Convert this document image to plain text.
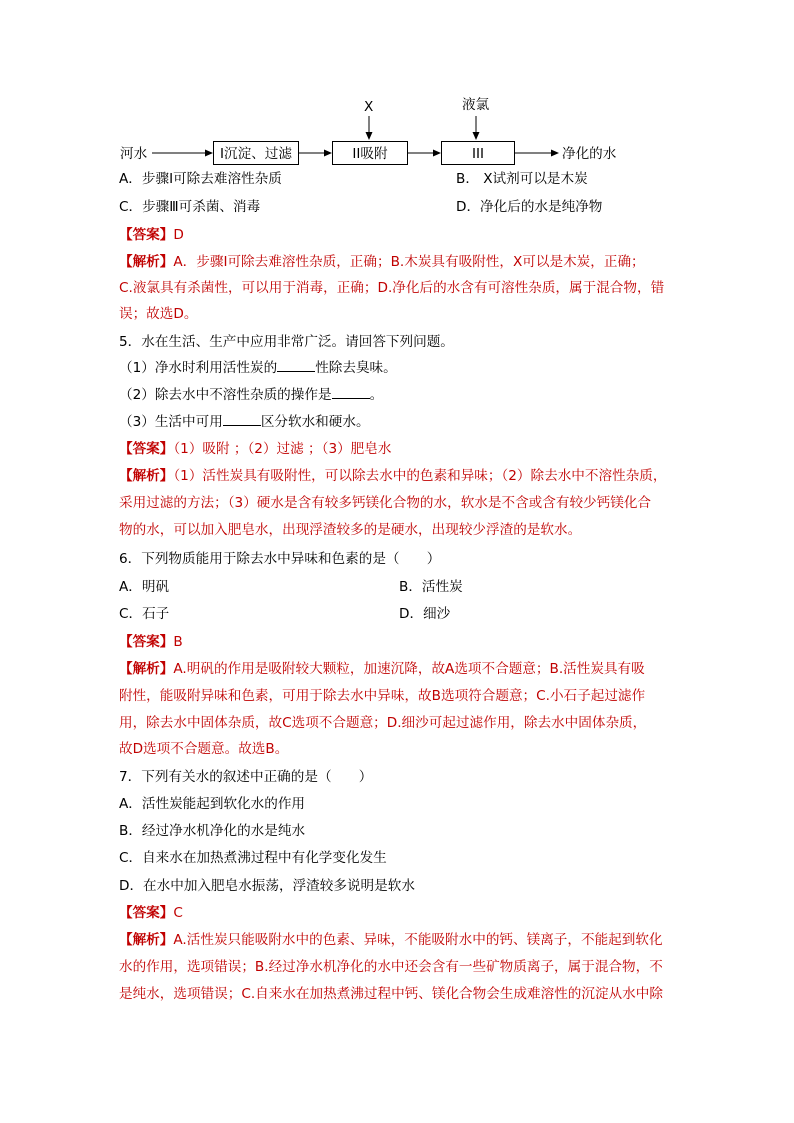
河水	I沉淀、过滤	II吸附	III	净化的水
X	液氯
A．步骤Ⅰ可除去难溶性杂质	B． X试剂可以是木炭
C．步骤Ⅲ可杀菌、消毒	D．净化后的水是纯净物
【答案】D
【解析】A．步骤Ⅰ可除去难溶性杂质，正确；B.木炭具有吸附性，X可以是木炭，正确；
C.液氯具有杀菌性，可以用于消毒，正确；D.净化后的水含有可溶性杂质，属于混合物，错
误；故选D。
5．水在生活、生产中应用非常广泛。请回答下列问题。
（1）净水时利用活性炭的	性除去臭味。
（2）除去水中不溶性杂质的操作是	。
（3）生活中可用	区分软水和硬水。
【答案】（1）吸附 ；（2）过滤 ；（3）肥皂水
【解析】（1）活性炭具有吸附性，可以除去水中的色素和异味；（2）除去水中不溶性杂质，
采用过滤的方法；（3）硬水是含有较多钙镁化合物的水，软水是不含或含有较少钙镁化合
物的水，可以加入肥皂水，出现浮渣较多的是硬水，出现较少浮渣的是软水。
6．下列物质能用于除去水中异味和色素的是（　　）
A．明矾	B．活性炭
C．石子	D．细沙
【答案】B
【解析】A.明矾的作用是吸附较大颗粒，加速沉降，故A选项不合题意；B.活性炭具有吸
附性，能吸附异味和色素，可用于除去水中异味，故B选项符合题意；C.小石子起过滤作
用，除去水中固体杂质，故C选项不合题意；D.细沙可起过滤作用，除去水中固体杂质，
故D选项不合题意。故选B。
7．下列有关水的叙述中正确的是（　　）
A．活性炭能起到软化水的作用
B．经过净水机净化的水是纯水
C．自来水在加热煮沸过程中有化学变化发生
D．在水中加入肥皂水振荡，浮渣较多说明是软水
【答案】C
【解析】A.活性炭只能吸附水中的色素、异味，不能吸附水中的钙、镁离子，不能起到软化
水的作用，选项错误；B.经过净水机净化的水中还会含有一些矿物质离子，属于混合物，不
是纯水，选项错误；C.自来水在加热煮沸过程中钙、镁化合物会生成难溶性的沉淀从水中除
